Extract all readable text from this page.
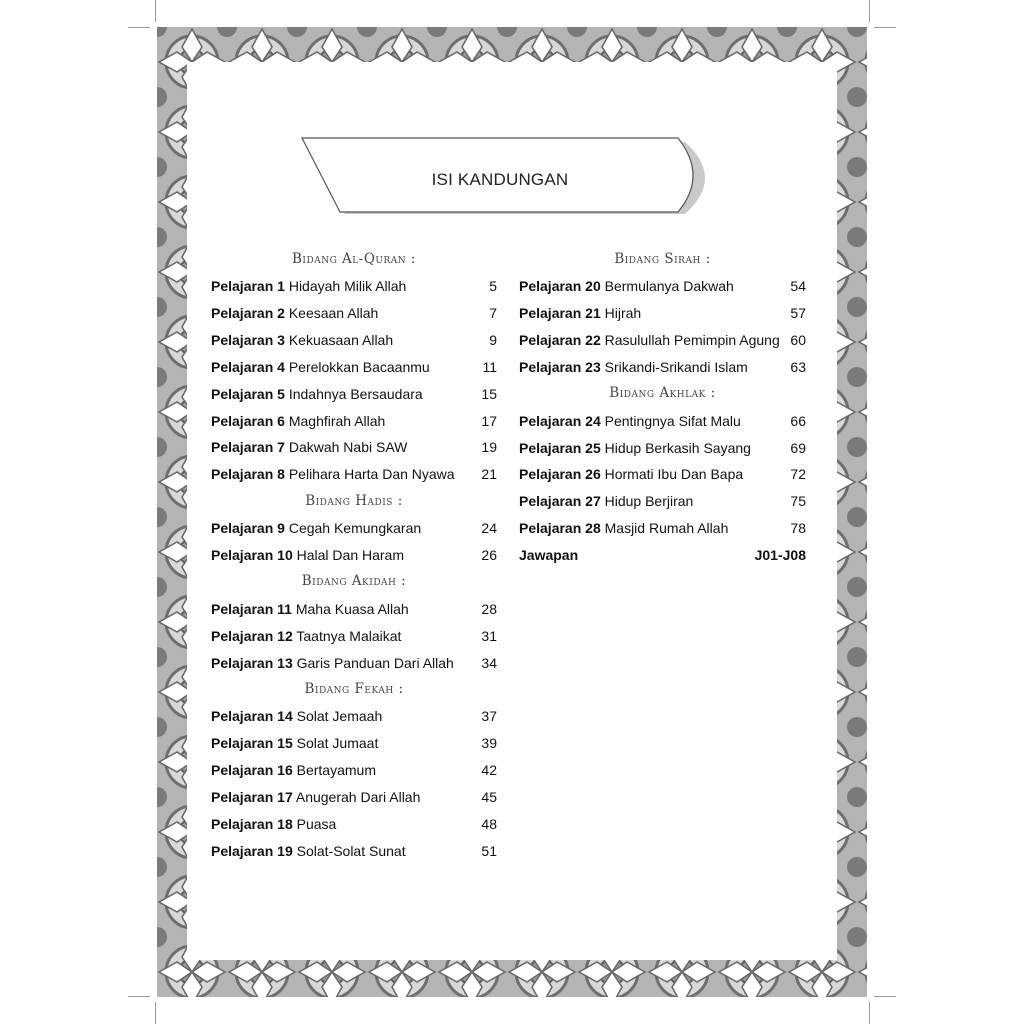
ISI KANDUNGAN
Bidang Al-Quran :
Pelajaran 1 Hidayah Milik Allah	5
Pelajaran 2 Keesaan Allah	7
Pelajaran 3 Kekuasaan Allah	9
Pelajaran 4 Perelokkan Bacaanmu	11
Pelajaran 5 Indahnya Bersaudara	15
Pelajaran 6 Maghfirah Allah	17
Pelajaran 7 Dakwah Nabi SAW	19
Pelajaran 8 Pelihara Harta Dan Nyawa 21
Bidang Hadis :
Pelajaran 9 Cegah Kemungkaran	24
Pelajaran 10 Halal Dan Haram	26
Bidang Akidah :
Pelajaran 11 Maha Kuasa Allah	28
Pelajaran 12 Taatnya Malaikat	31
Pelajaran 13 Garis Panduan Dari Allah 34
Bidang Fekah :
Pelajaran 14 Solat Jemaah	37
Pelajaran 15 Solat Jumaat	39
Pelajaran 16 Bertayamum	42
Pelajaran 17 Anugerah Dari Allah	45
Pelajaran 18 Puasa	48
Pelajaran 19 Solat-Solat Sunat	51
Bidang Sirah :
Pelajaran 20 Bermulanya Dakwah	54
Pelajaran 21 Hijrah	57
Pelajaran 22 Rasulullah Pemimpin Agung 60
Pelajaran 23 Srikandi-Srikandi Islam	63
Bidang Akhlak :
Pelajaran 24 Pentingnya Sifat Malu	66
Pelajaran 25 Hidup Berkasih Sayang	69
Pelajaran 26 Hormati Ibu Dan Bapa	72
Pelajaran 27 Hidup Berjiran	75
Pelajaran 28 Masjid Rumah Allah	78
Jawapan	J01-J08
